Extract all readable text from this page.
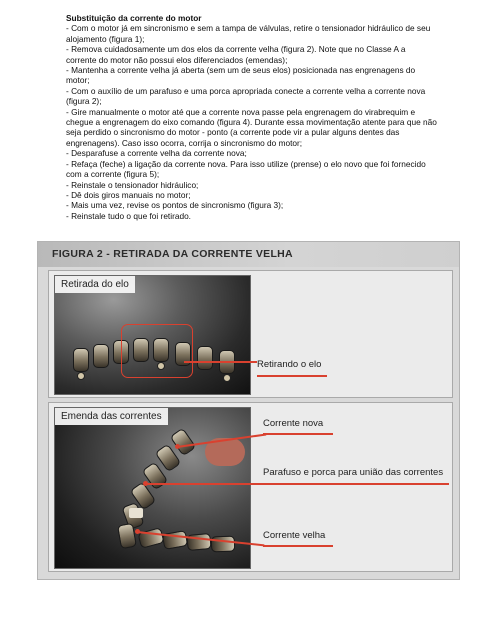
Substituição da corrente do motor
- Com o motor já em sincronismo e sem a tampa de válvulas, retire o tensionador hidráulico de seu alojamento (figura 1);
- Remova cuidadosamente um dos elos da corrente velha (figura 2). Note que no Classe A a corrente do motor não possui elos diferenciados (emendas);
- Mantenha a corrente velha já aberta (sem um de seus elos) posicionada nas engrenagens do motor;
- Com o auxílio de um parafuso e uma porca apropriada conecte a corrente velha a corrente nova (figura 2);
- Gire manualmente o motor até que a corrente nova passe pela engrenagem do virabrequim e chegue a engrenagem do eixo comando (figura 4). Durante essa movimentação atente para que não seja perdido o sincronismo do motor - ponto (a corrente pode vir a pular alguns dentes das engrenagens). Caso isso ocorra, corrija o sincronismo do motor;
- Desparafuse a corrente velha da corrente nova;
- Refaça (feche) a ligação da corrente nova. Para isso utilize (prense) o elo novo que foi fornecido com a corrente (figura 5);
- Reinstale o tensionador hidráulico;
- Dê dois giros manuais no motor;
- Mais uma vez, revise os pontos de sincronismo (figura 3);
- Reinstale tudo o que foi retirado.
FIGURA 2 - RETIRADA DA CORRENTE VELHA
Retirada do elo
Retirando o elo
Emenda das correntes
Corrente nova
Parafuso e porca para união das correntes
Corrente velha
